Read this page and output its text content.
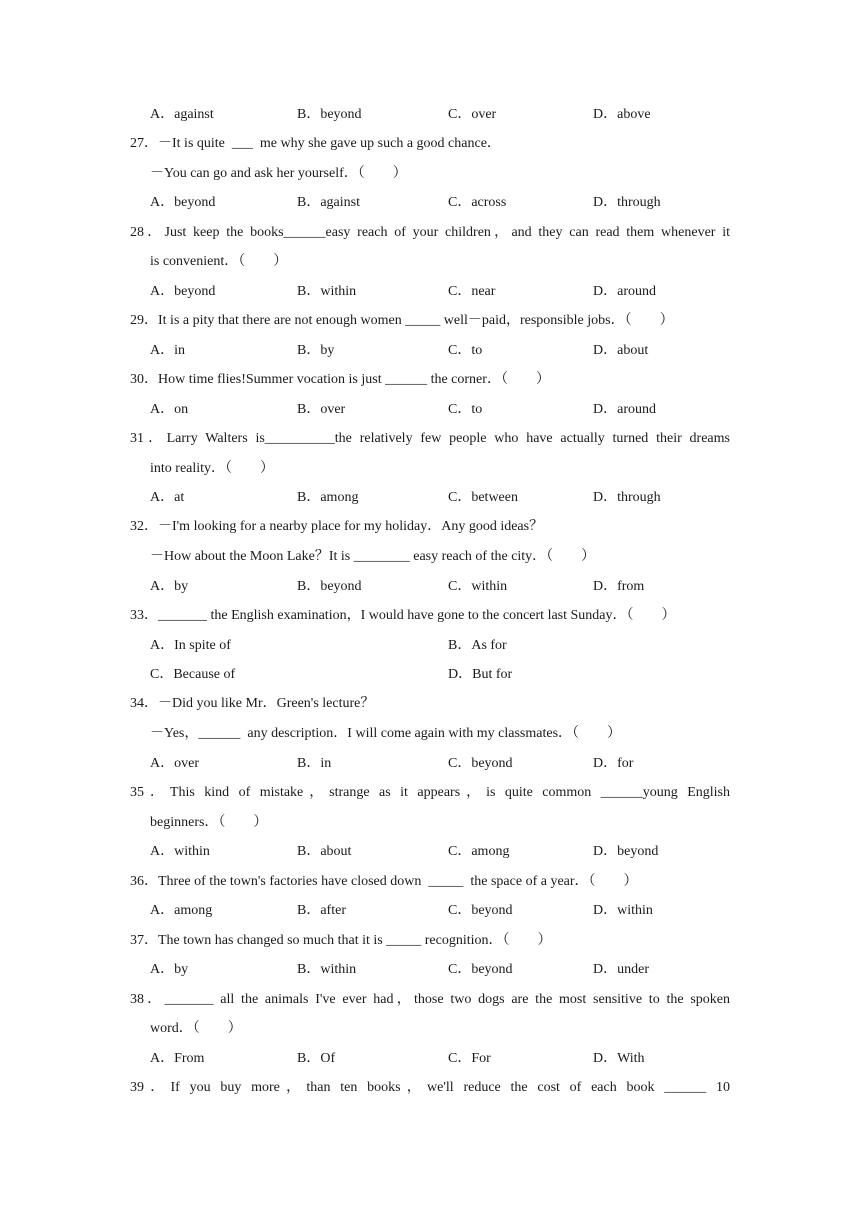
A．against	B．beyond	C．over	D．above
27．－It is quite  ___  me why she gave up such a good chance．
－You can go and ask her yourself．（　　）
A．beyond	B．against	C．across	D．through
28．Just keep the books______easy reach of your children，and they can read them whenever it
is convenient．（　　）
A．beyond	B．within	C．near	D．around
29．It is a pity that there are not enough women _____ well－paid，responsible jobs．（　　）
A．in	B．by	C．to	D．about
30．How time flies!Summer vocation is just ______ the corner．（　　）
A．on	B．over	C．to	D．around
31．Larry Walters is__________the relatively few people who have actually turned their dreams
into reality．（　　）
A．at	B．among	C．between	D．through
32．－I'm looking for a nearby place for my holiday．Any good ideas？
－How about the Moon Lake？It is ________ easy reach of the city．（　　）
A．by	B．beyond	C．within	D．from
33．_______ the English examination，I would have gone to the concert last Sunday．（　　）
A．In spite of	B．As for
C．Because of	D．But for
34．－Did you like Mr．Green's lecture？
－Yes，______  any description．I will come again with my classmates．（　　）
A．over	B．in	C．beyond	D．for
35．This kind of mistake，strange as it appears，is quite common ______young English
beginners．（　　）
A．within	B．about	C．among	D．beyond
36．Three of the town's factories have closed down  _____  the space of a year．（　　）
A．among	B．after	C．beyond	D．within
37．The town has changed so much that it is _____ recognition．（　　）
A．by	B．within	C．beyond	D．under
38．_______ all the animals I've ever had，those two dogs are the most sensitive to the spoken
word．（　　）
A．From	B．Of	C．For	D．With
39．If you buy more，than ten books，we'll reduce the cost of each book ______ 10
